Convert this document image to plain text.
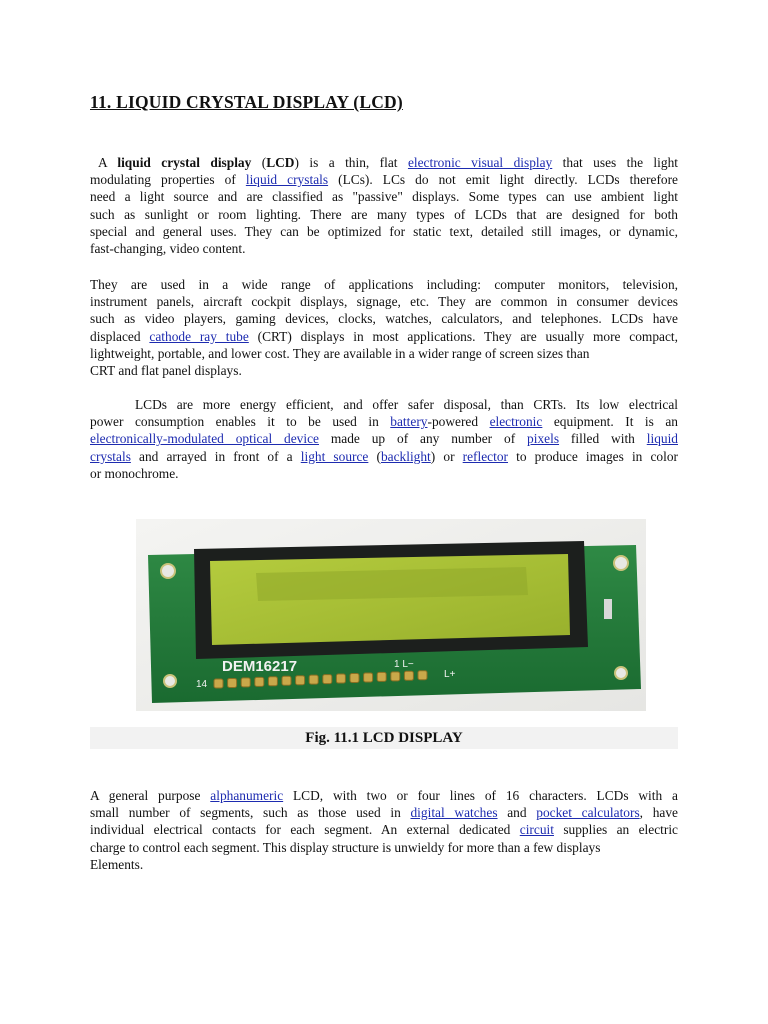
11. LIQUID CRYSTAL DISPLAY (LCD)
A liquid crystal display (LCD) is a thin, flat electronic visual display that uses the light
modulating properties of liquid crystals (LCs). LCs do not emit light directly. LCDs therefore
need a light source and are classified as "passive" displays. Some types can use ambient light
such as sunlight or room lighting. There are many types of LCDs that are designed for both
special and general uses. They can be optimized for static text, detailed still images, or dynamic,
fast-changing, video content.
They are used in a wide range of applications including: computer monitors, television,
instrument panels, aircraft cockpit displays, signage, etc. They are common in consumer devices
such as video players, gaming devices, clocks, watches, calculators, and telephones. LCDs have
displaced cathode ray tube (CRT) displays in most applications. They are usually more compact,
lightweight, portable, and lower cost. They are available in a wider range of screen sizes than
CRT and flat panel displays.
LCDs are more energy efficient, and offer safer disposal, than CRTs. Its low electrical
power consumption enables it to be used in battery-powered electronic equipment. It is an
electronically-modulated optical device made up of any number of pixels filled with liquid
crystals and arrayed in front of a light source (backlight) or reflector to produce images in color
or monochrome.
A general purpose alphanumeric LCD, with two or four lines of 16 characters. LCDs with a
small number of segments, such as those used in digital watches and pocket calculators, have
individual electrical contacts for each segment. An external dedicated circuit supplies an electric
charge to control each segment. This display structure is unwieldy for more than a few displays
Elements.
DEM16217	1 L−
L+
14
Fig. 11.1 LCD DISPLAY
